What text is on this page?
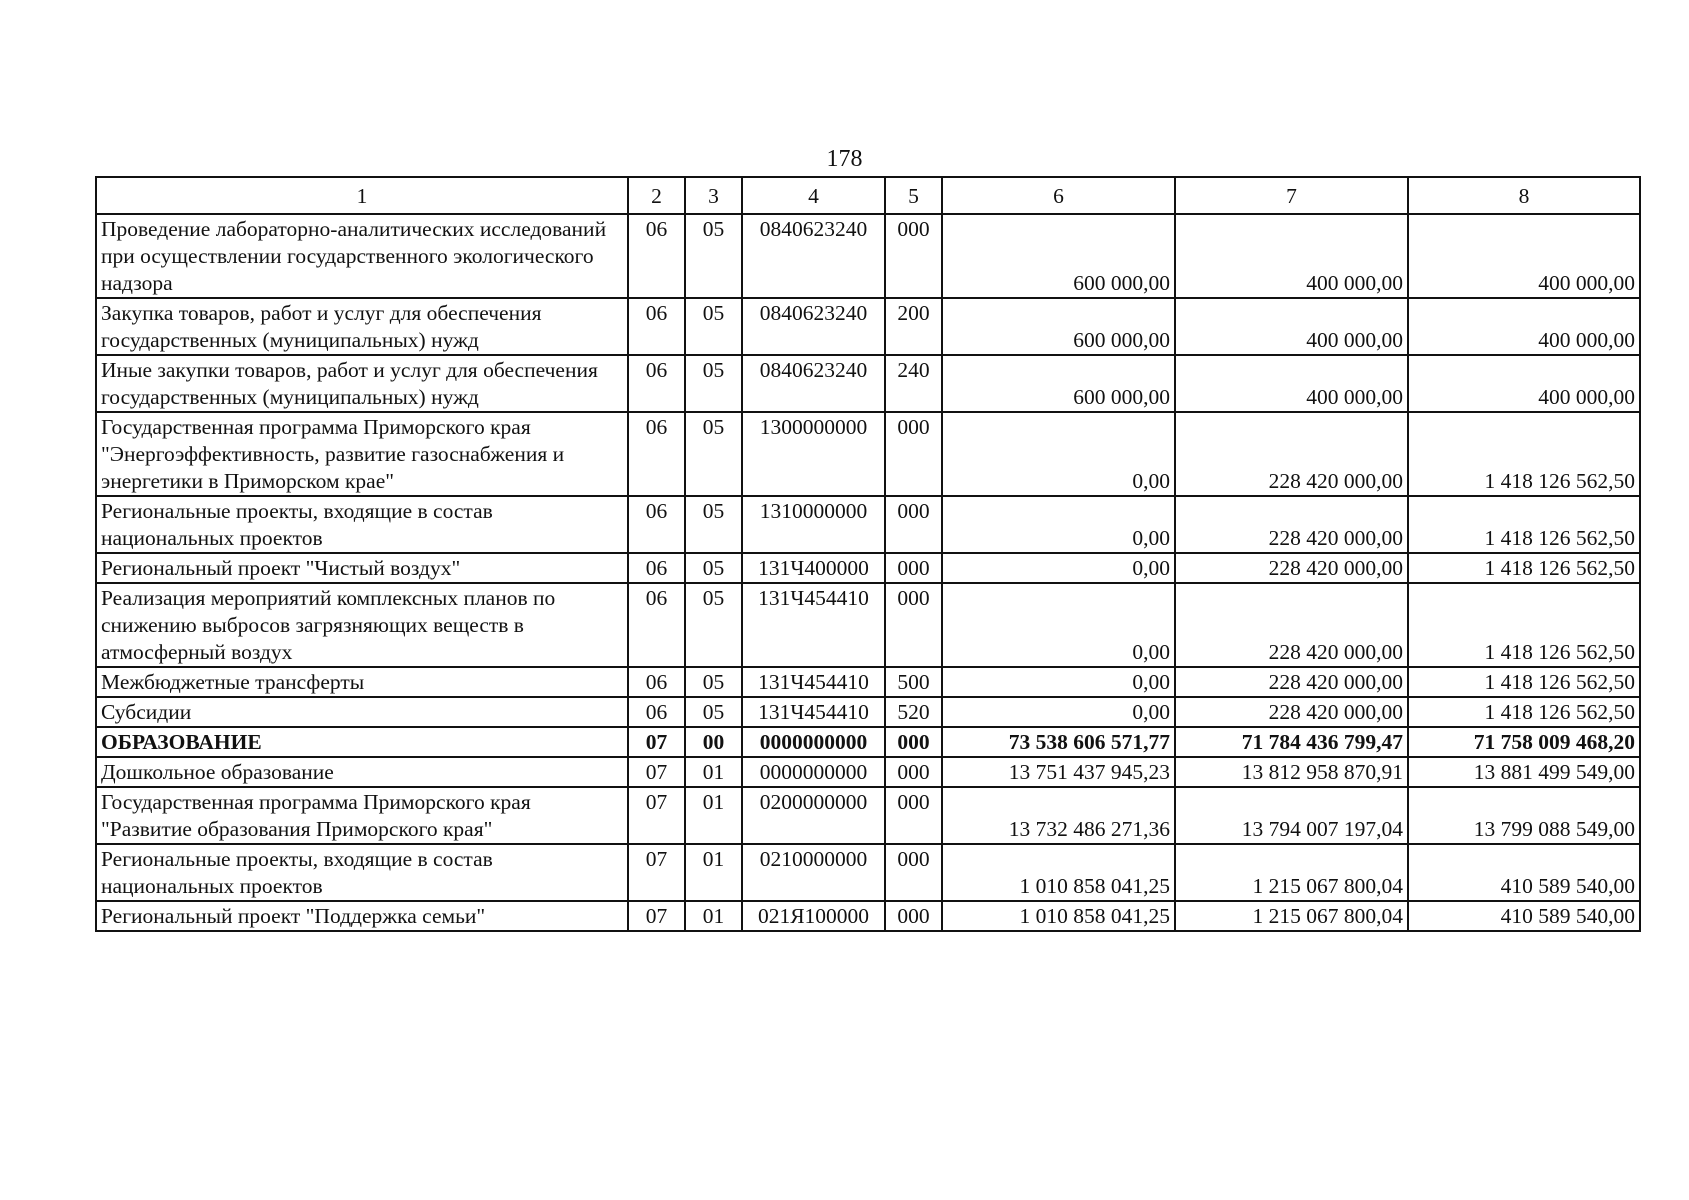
178
1	2	3	4	5	6	7	8
Проведение лабораторно-аналитических исследований при осуществлении государственного экологического надзора	06	05	0840623240	000	600 000,00	400 000,00	400 000,00
Закупка товаров, работ и услуг для обеспечения государственных (муниципальных) нужд	06	05	0840623240	200	600 000,00	400 000,00	400 000,00
Иные закупки товаров, работ и услуг для обеспечения государственных (муниципальных) нужд	06	05	0840623240	240	600 000,00	400 000,00	400 000,00
Государственная программа Приморского края "Энергоэффективность, развитие газоснабжения и энергетики в Приморском крае"	06	05	1300000000	000	0,00	228 420 000,00	1 418 126 562,50
Региональные проекты, входящие в состав национальных проектов	06	05	1310000000	000	0,00	228 420 000,00	1 418 126 562,50
Региональный проект "Чистый воздух"	06	05	131Ч400000	000	0,00	228 420 000,00	1 418 126 562,50
Реализация мероприятий комплексных планов по снижению выбросов загрязняющих веществ в атмосферный воздух	06	05	131Ч454410	000	0,00	228 420 000,00	1 418 126 562,50
Межбюджетные трансферты	06	05	131Ч454410	500	0,00	228 420 000,00	1 418 126 562,50
Субсидии	06	05	131Ч454410	520	0,00	228 420 000,00	1 418 126 562,50
ОБРАЗОВАНИЕ	07	00	0000000000	000	73 538 606 571,77	71 784 436 799,47	71 758 009 468,20
Дошкольное образование	07	01	0000000000	000	13 751 437 945,23	13 812 958 870,91	13 881 499 549,00
Государственная программа Приморского края "Развитие образования Приморского края"	07	01	0200000000	000	13 732 486 271,36	13 794 007 197,04	13 799 088 549,00
Региональные проекты, входящие в состав национальных проектов	07	01	0210000000	000	1 010 858 041,25	1 215 067 800,04	410 589 540,00
Региональный проект "Поддержка семьи"	07	01	021Я100000	000	1 010 858 041,25	1 215 067 800,04	410 589 540,00
